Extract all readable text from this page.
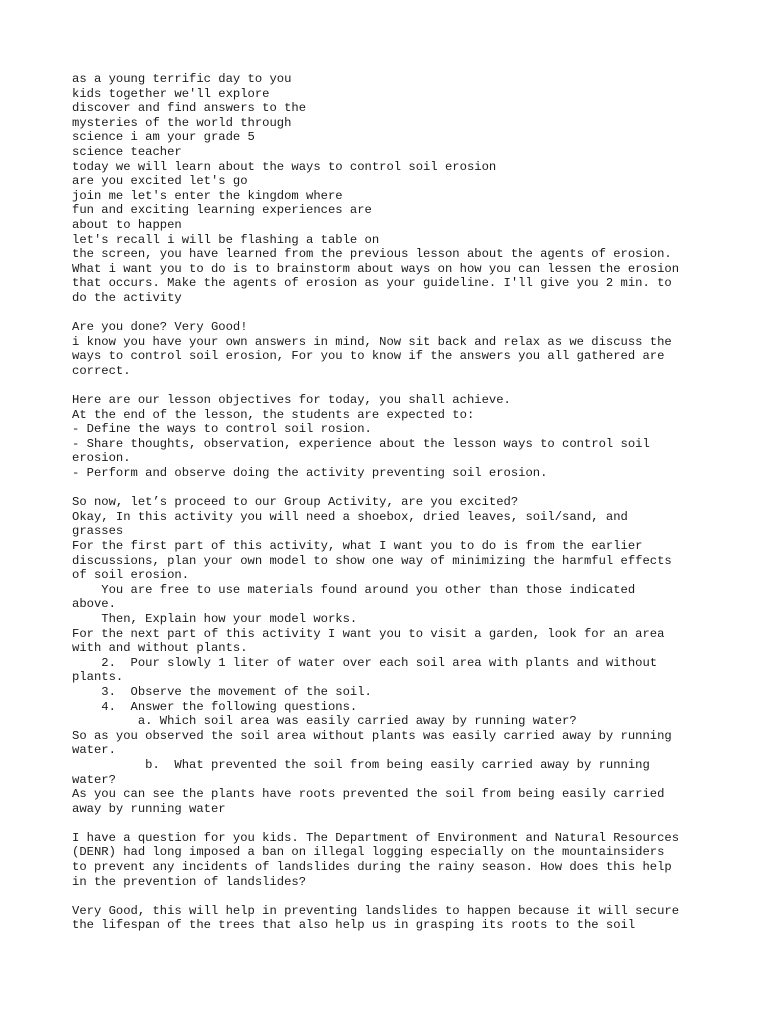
as a young terrific day to you
kids together we'll explore
discover and find answers to the
mysteries of the world through
science i am your grade 5
science teacher
today we will learn about the ways to control soil erosion
are you excited let's go
join me let's enter the kingdom where
fun and exciting learning experiences are
about to happen
let's recall i will be flashing a table on
the screen, you have learned from the previous lesson about the agents of erosion.
What i want you to do is to brainstorm about ways on how you can lessen the erosion
that occurs. Make the agents of erosion as your guideline. I'll give you 2 min. to
do the activity
Are you done? Very Good!
i know you have your own answers in mind, Now sit back and relax as we discuss the
ways to control soil erosion, For you to know if the answers you all gathered are
correct.
Here are our lesson objectives for today, you shall achieve.
At the end of the lesson, the students are expected to:
- Define the ways to control soil rosion.
- Share thoughts, observation, experience about the lesson ways to control soil
erosion.
- Perform and observe doing the activity preventing soil erosion.
So now, let’s proceed to our Group Activity, are you excited?
Okay, In this activity you will need a shoebox, dried leaves, soil/sand, and
grasses
For the first part of this activity, what I want you to do is from the earlier
discussions, plan your own model to show one way of minimizing the harmful effects
of soil erosion.
You are free to use materials found around you other than those indicated
above.
Then, Explain how your model works.
For the next part of this activity I want you to visit a garden, look for an area
with and without plants.
2.  Pour slowly 1 liter of water over each soil area with plants and without
plants.
3.  Observe the movement of the soil.
4.  Answer the following questions.
a. Which soil area was easily carried away by running water?
So as you observed the soil area without plants was easily carried away by running
water.
b.  What prevented the soil from being easily carried away by running
water?
As you can see the plants have roots prevented the soil from being easily carried
away by running water
I have a question for you kids. The Department of Environment and Natural Resources
(DENR) had long imposed a ban on illegal logging especially on the mountainsiders
to prevent any incidents of landslides during the rainy season. How does this help
in the prevention of landslides?
Very Good, this will help in preventing landslides to happen because it will secure
the lifespan of the trees that also help us in grasping its roots to the soil
